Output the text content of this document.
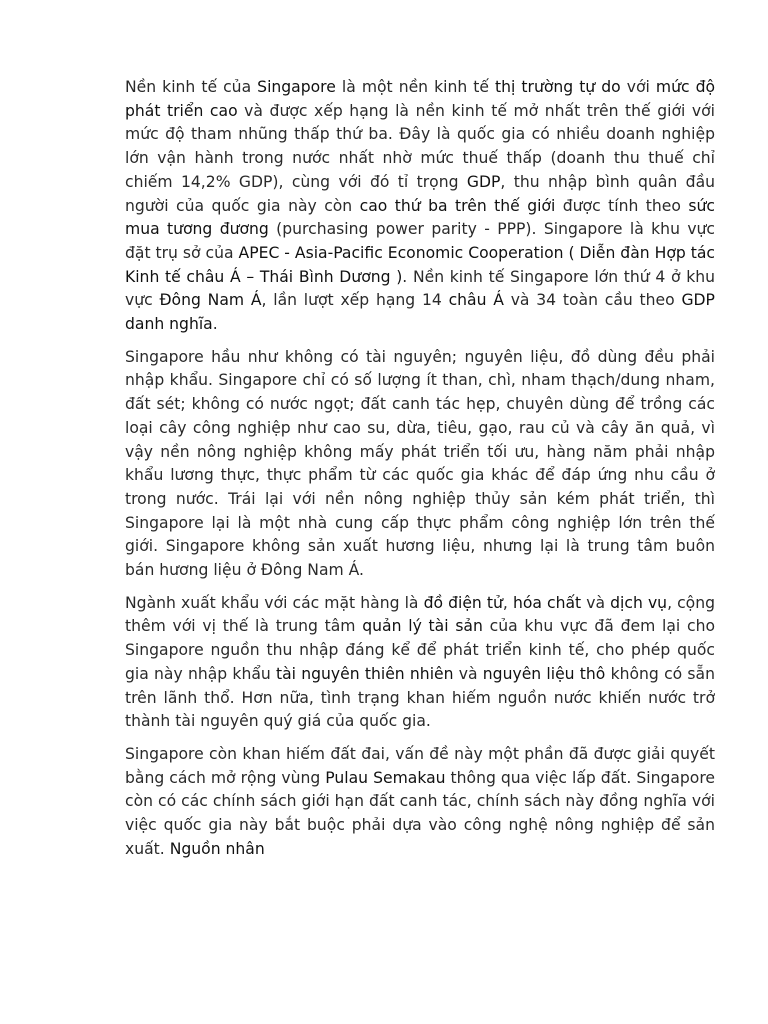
Nền kinh tế của Singapore là một nền kinh tế thị trường tự do với mức độ phát triển cao và được xếp hạng là nền kinh tế mở nhất trên thế giới với mức độ tham nhũng thấp thứ ba. Đây là quốc gia có nhiều doanh nghiệp lớn vận hành trong nước nhất nhờ mức thuế thấp (doanh thu thuế chỉ chiếm 14,2% GDP), cùng với đó tỉ trọng GDP, thu nhập bình quân đầu người của quốc gia này còn cao thứ ba trên thế giới được tính theo sức mua tương đương (purchasing power parity - PPP). Singapore là khu vực đặt trụ sở của APEC - Asia-Pacific Economic Cooperation ( Diễn đàn Hợp tác Kinh tế châu Á – Thái Bình Dương ). Nền kinh tế Singapore lớn thứ 4 ở khu vực Đông Nam Á, lần lượt xếp hạng 14 châu Á và 34 toàn cầu theo GDP danh nghĩa.

Singapore hầu như không có tài nguyên; nguyên liệu, đồ dùng đều phải nhập khẩu. Singapore chỉ có số lượng ít than, chì, nham thạch/dung nham, đất sét; không có nước ngọt; đất canh tác hẹp, chuyên dùng để trồng các loại cây công nghiệp như cao su, dừa, tiêu, gạo, rau củ và cây ăn quả, vì vậy nền nông nghiệp không mấy phát triển tối ưu, hàng năm phải nhập khẩu lương thực, thực phẩm từ các quốc gia khác để đáp ứng nhu cầu ở trong nước. Trái lại với nền nông nghiệp thủy sản kém phát triển, thì Singapore lại là một nhà cung cấp thực phẩm công nghiệp lớn trên thế giới. Singapore không sản xuất hương liệu, nhưng lại là trung tâm buôn bán hương liệu ở Đông Nam Á.

Ngành xuất khẩu với các mặt hàng là đồ điện tử, hóa chất và dịch vụ, cộng thêm với vị thế là trung tâm quản lý tài sản của khu vực đã đem lại cho Singapore nguồn thu nhập đáng kể để phát triển kinh tế, cho phép quốc gia này nhập khẩu tài nguyên thiên nhiên và nguyên liệu thô không có sẵn trên lãnh thổ. Hơn nữa, tình trạng khan hiếm nguồn nước khiến nước trở thành tài nguyên quý giá của quốc gia.

Singapore còn khan hiếm đất đai, vấn đề này một phần đã được giải quyết bằng cách mở rộng vùng Pulau Semakau thông qua việc lấp đất. Singapore còn có các chính sách giới hạn đất canh tác, chính sách này đồng nghĩa với việc quốc gia này bắt buộc phải dựa vào công nghệ nông nghiệp để sản xuất. Nguồn nhân
